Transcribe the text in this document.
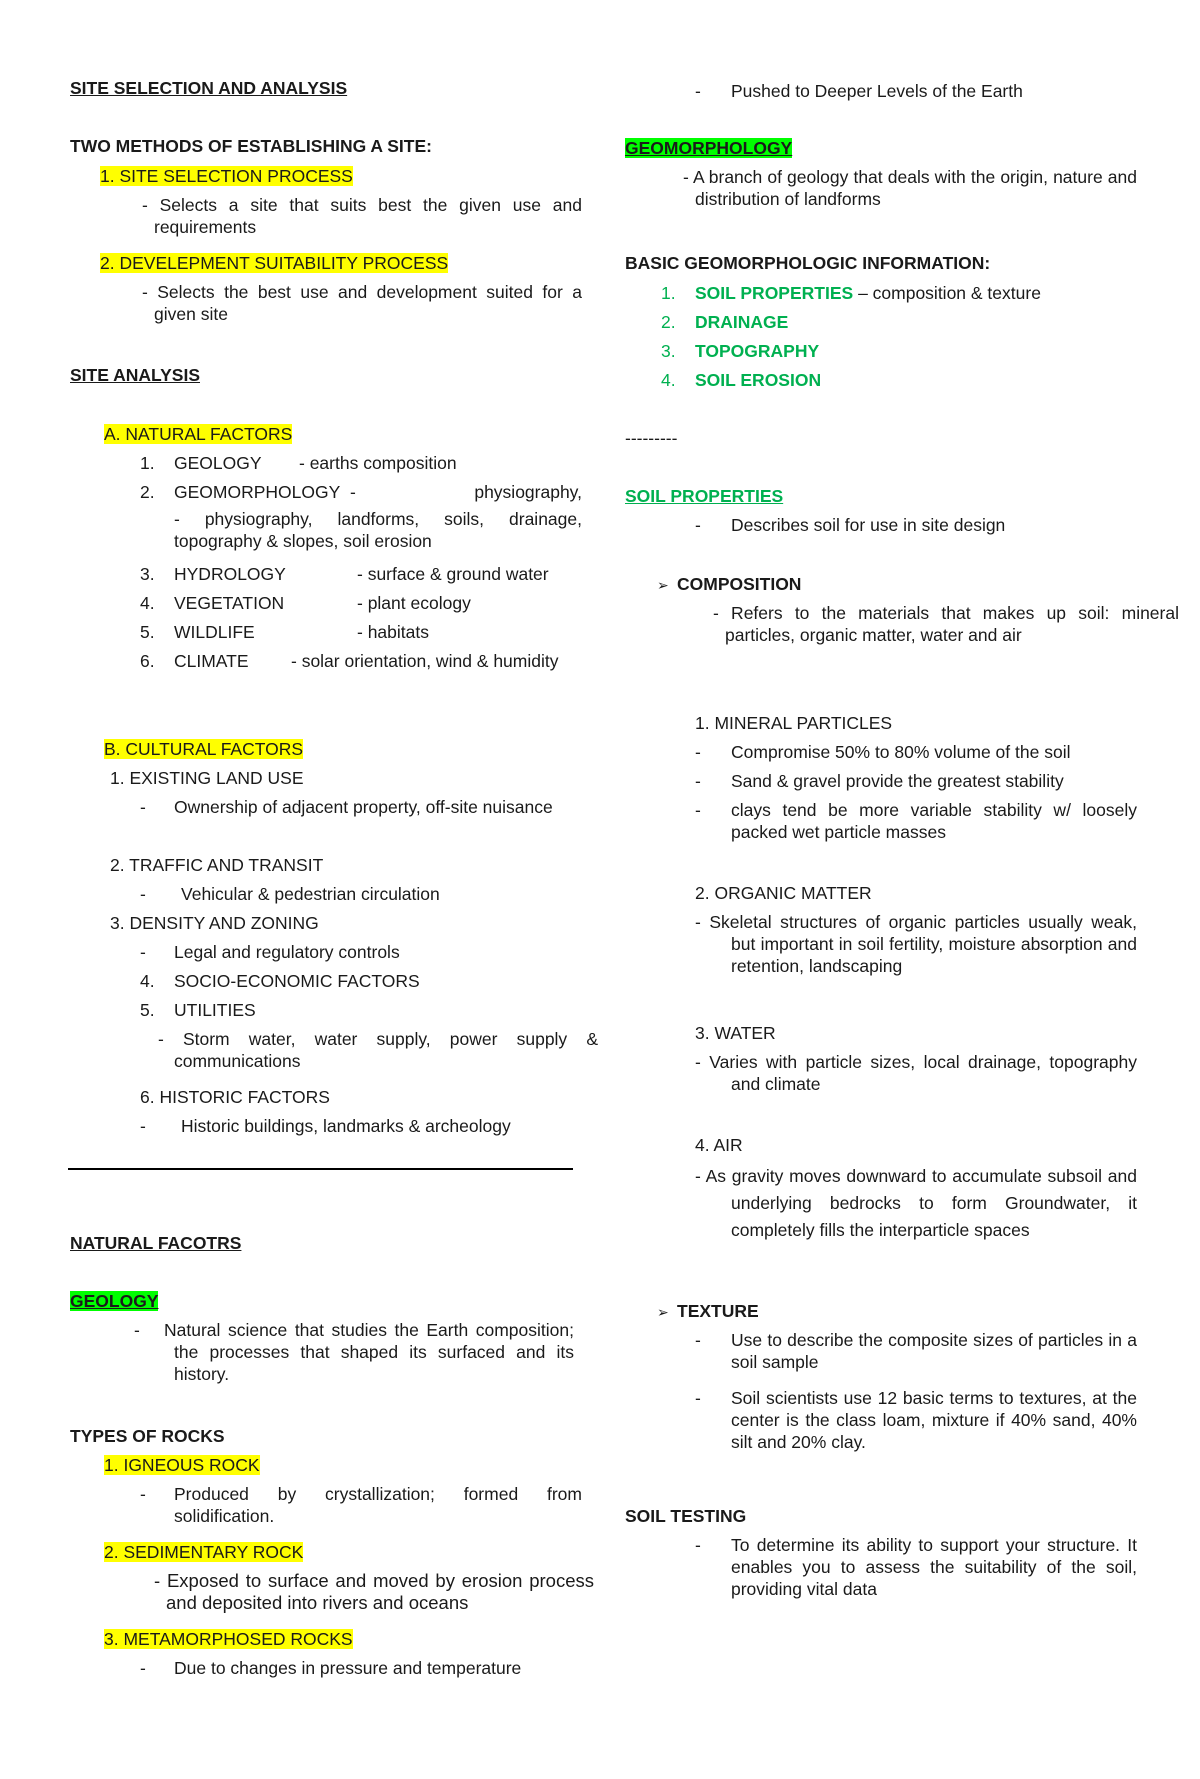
SITE SELECTION AND ANALYSIS
TWO METHODS OF ESTABLISHING A SITE:
1. SITE SELECTION PROCESS
- Selects a site that suits best the given use and requirements
2. DEVELEPMENT SUITABILITY PROCESS
- Selects the best use and development suited for a given site
SITE ANALYSIS
A. NATURAL FACTORS
1. GEOLOGY - earths composition
2. GEOMORPHOLOGY -           physiography,
- physiography, landforms, soils, drainage, topography & slopes, soil erosion
3. HYDROLOGY	- surface & ground water
4. VEGETATION	- plant ecology
5. WILDLIFE	- habitats
6. CLIMATE	- solar orientation, wind & humidity
B. CULTURAL FACTORS
1. EXISTING LAND USE
-	Ownership of adjacent property, off-site nuisance
2. TRAFFIC AND TRANSIT
-	Vehicular & pedestrian circulation
3. DENSITY AND ZONING
-	Legal and regulatory controls
4. SOCIO-ECONOMIC FACTORS
5. UTILITIES
- Storm water, water supply, power supply & communications
6. HISTORIC FACTORS
-	Historic buildings, landmarks & archeology
NATURAL FACOTRS
GEOLOGY
-	Natural science that studies the Earth composition; the processes that shaped its surfaced and its history.
TYPES OF ROCKS
1. IGNEOUS ROCK
-	Produced by crystallization; formed from solidification.
2. SEDIMENTARY ROCK
- Exposed to surface and moved by erosion process and deposited into rivers and oceans
3. METAMORPHOSED ROCKS
-	Due to changes in pressure and temperature
-	Pushed to Deeper Levels of the Earth
GEOMORPHOLOGY
- A branch of geology that deals with the origin, nature and distribution of landforms
BASIC GEOMORPHOLOGIC INFORMATION:
1. SOIL PROPERTIES – composition & texture
2. DRAINAGE
3. TOPOGRAPHY
4. SOIL EROSION
---------
SOIL PROPERTIES
-	Describes soil for use in site design
➢ COMPOSITION
- Refers to the materials that makes up soil: mineral particles, organic matter, water and air
1. MINERAL PARTICLES
-	Compromise 50% to 80% volume of the soil
-	Sand & gravel provide the greatest stability
-	clays tend be more variable stability w/ loosely packed wet particle masses
2. ORGANIC MATTER
- Skeletal structures of organic particles usually weak, but important in soil fertility, moisture absorption and retention, landscaping
3. WATER
- Varies with particle sizes, local drainage, topography and climate
4. AIR
- As gravity moves downward to accumulate subsoil and underlying bedrocks to form Groundwater, it completely fills the interparticle spaces
➢ TEXTURE
-	Use to describe the composite sizes of particles in a soil sample
-	Soil scientists use 12 basic terms to textures, at the center is the class loam, mixture if 40% sand, 40% silt and 20% clay.
SOIL TESTING
-	To determine its ability to support your structure. It enables you to assess the suitability of the soil, providing vital data
